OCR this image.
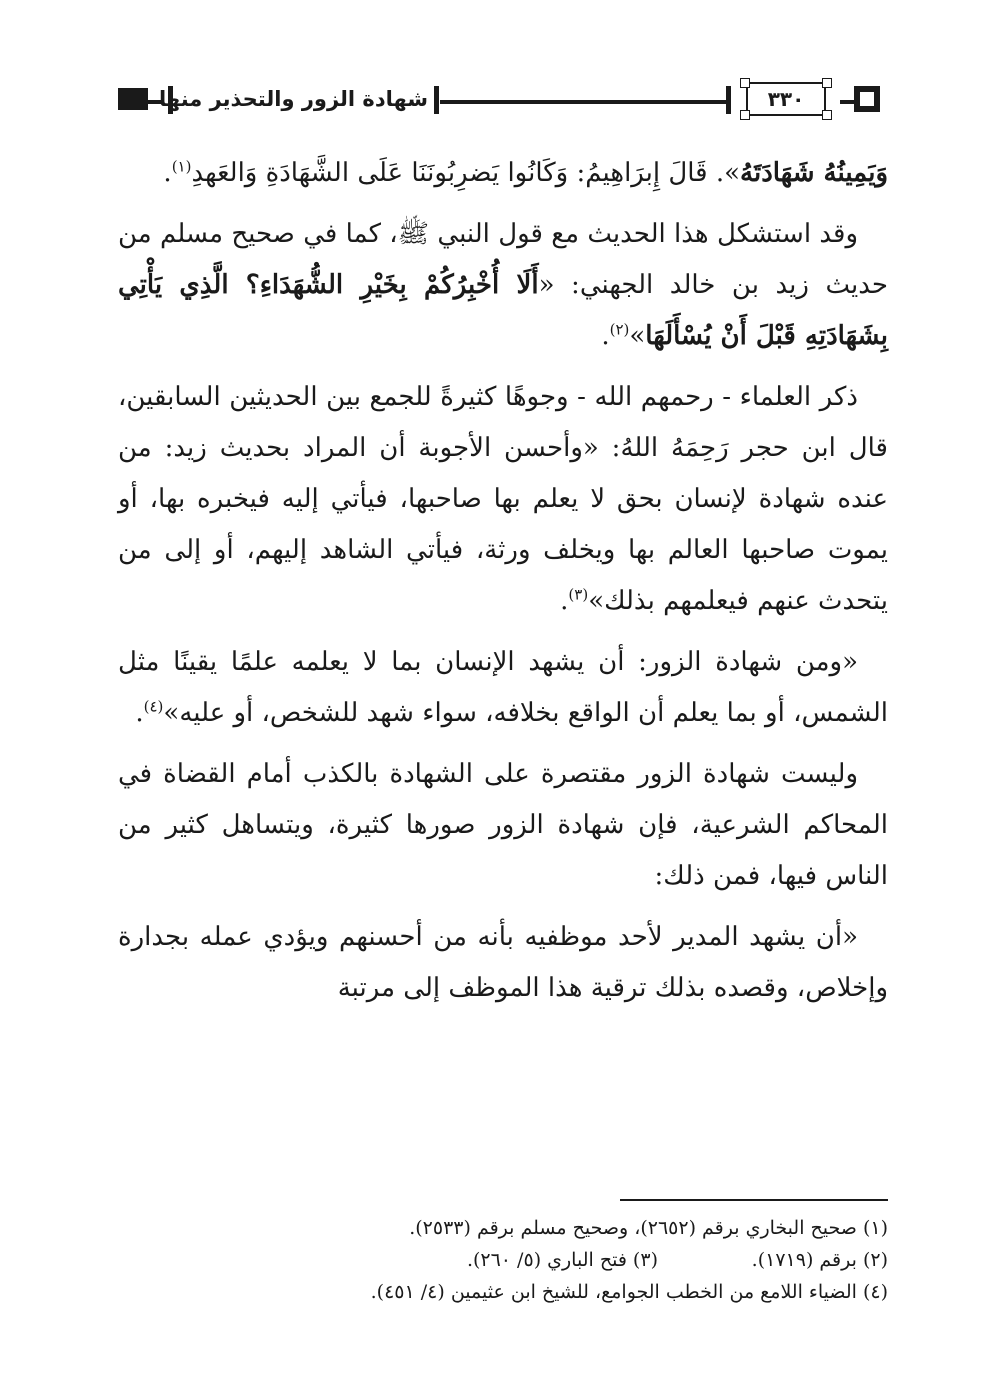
شهادة الزور والتحذير منها	٣٣٠

وَيَمِينُهُ شَهَادَتَهُ». قَالَ إِبرَاهِيمُ: وَكَانُوا يَضرِبُونَنَا عَلَى الشَّهَادَةِ وَالعَهدِ$^{(١)}$.

وقد استشكل هذا الحديث مع قول النبي ﷺ، كما في صحيح مسلم من حديث زيد بن خالد الجهني: «أَلَا أُخْبِرُكُمْ بِخَيْرِ الشُّهَدَاءِ؟ الَّذِي يَأْتِي بِشَهَادَتِهِ قَبْلَ أَنْ يُسْأَلَهَا»$^{(٢)}$.

ذكر العلماء - رحمهم الله - وجوهًا كثيرةً للجمع بين الحديثين السابقين، قال ابن حجر رَحِمَهُ اللهُ: «وأحسن الأجوبة أن المراد بحديث زيد: من عنده شهادة لإنسان بحق لا يعلم بها صاحبها، فيأتي إليه فيخبره بها، أو يموت صاحبها العالم بها ويخلف ورثة، فيأتي الشاهد إليهم، أو إلى من يتحدث عنهم فيعلمهم بذلك»$^{(٣)}$.

«ومن شهادة الزور: أن يشهد الإنسان بما لا يعلمه علمًا يقينًا مثل الشمس، أو بما يعلم أن الواقع بخلافه، سواء شهد للشخص، أو عليه»$^{(٤)}$.

وليست شهادة الزور مقتصرة على الشهادة بالكذب أمام القضاة في المحاكم الشرعية، فإن شهادة الزور صورها كثيرة، ويتساهل كثير من الناس فيها، فمن ذلك:

«أن يشهد المدير لأحد موظفيه بأنه من أحسنهم ويؤدي عمله بجدارة وإخلاص، وقصده بذلك ترقية هذا الموظف إلى مرتبة

(١) صحيح البخاري برقم (٢٦٥٢)، وصحيح مسلم برقم (٢٥٣٣).
(٢) برقم (١٧١٩).
(٣) فتح الباري (٥/ ٢٦٠).
(٤) الضياء اللامع من الخطب الجوامع، للشيخ ابن عثيمين (٤/ ٤٥١).
